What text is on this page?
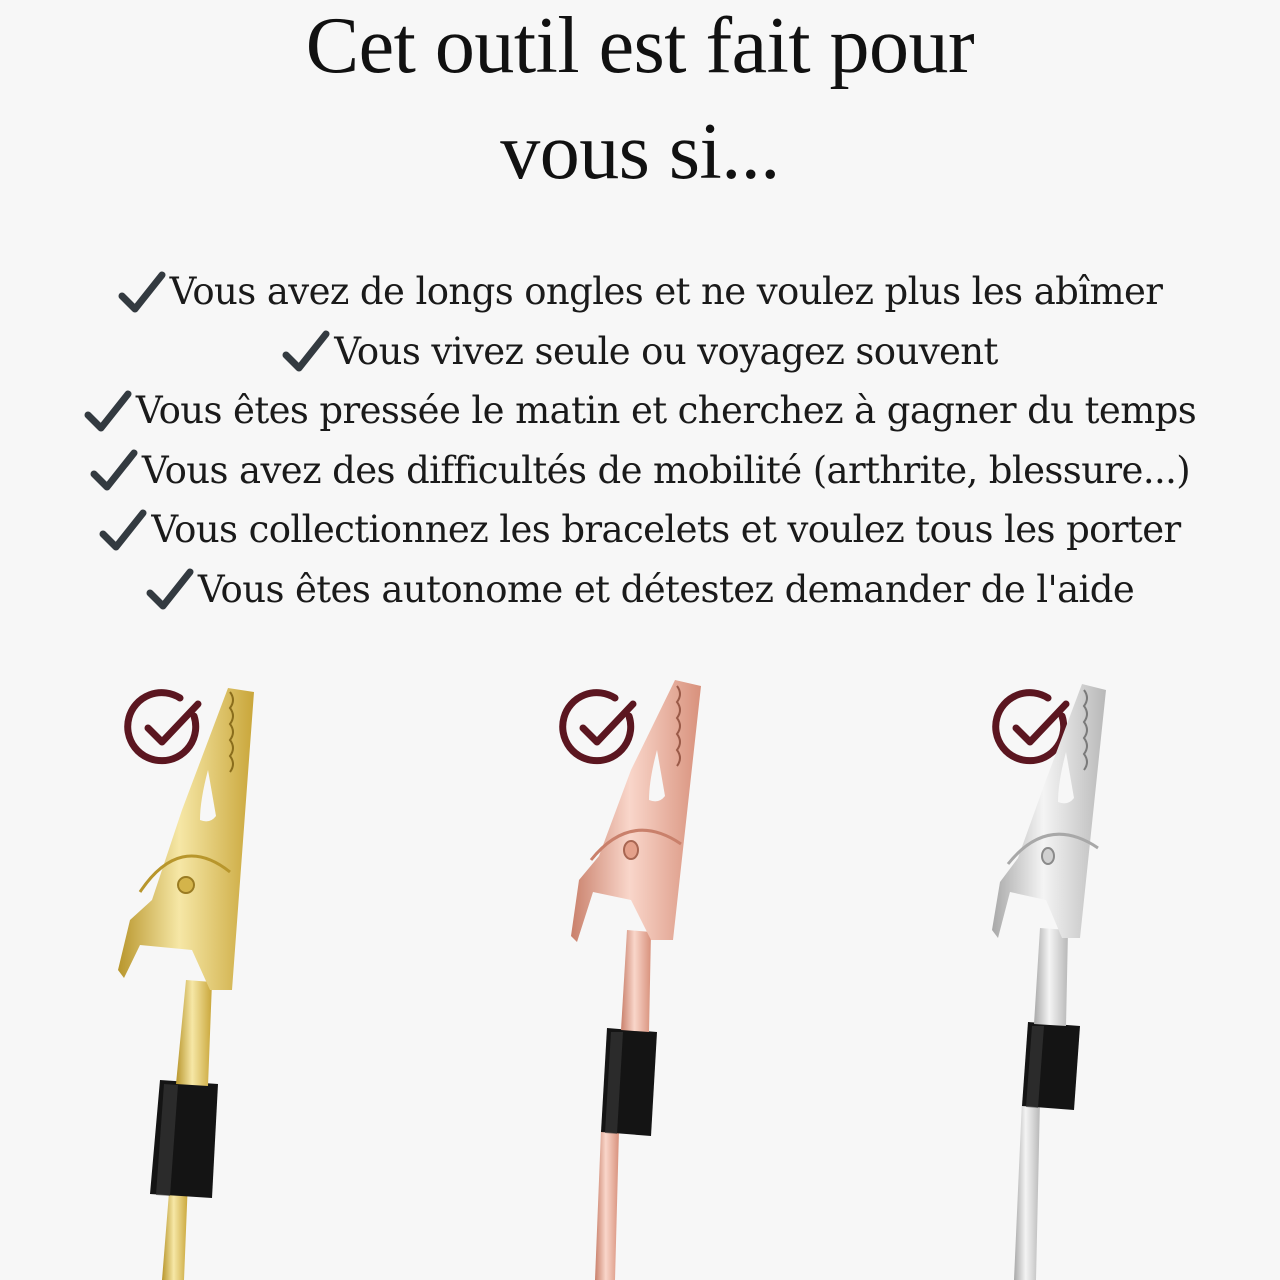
Cet outil est fait pour
vous si...
Vous avez de longs ongles et ne voulez plus les abîmer
Vous vivez seule ou voyagez souvent
Vous êtes pressée le matin et cherchez à gagner du temps
Vous avez des difficultés de mobilité (arthrite, blessure...)
Vous collectionnez les bracelets et voulez tous les porter
Vous êtes autonome et détestez demander de l'aide
